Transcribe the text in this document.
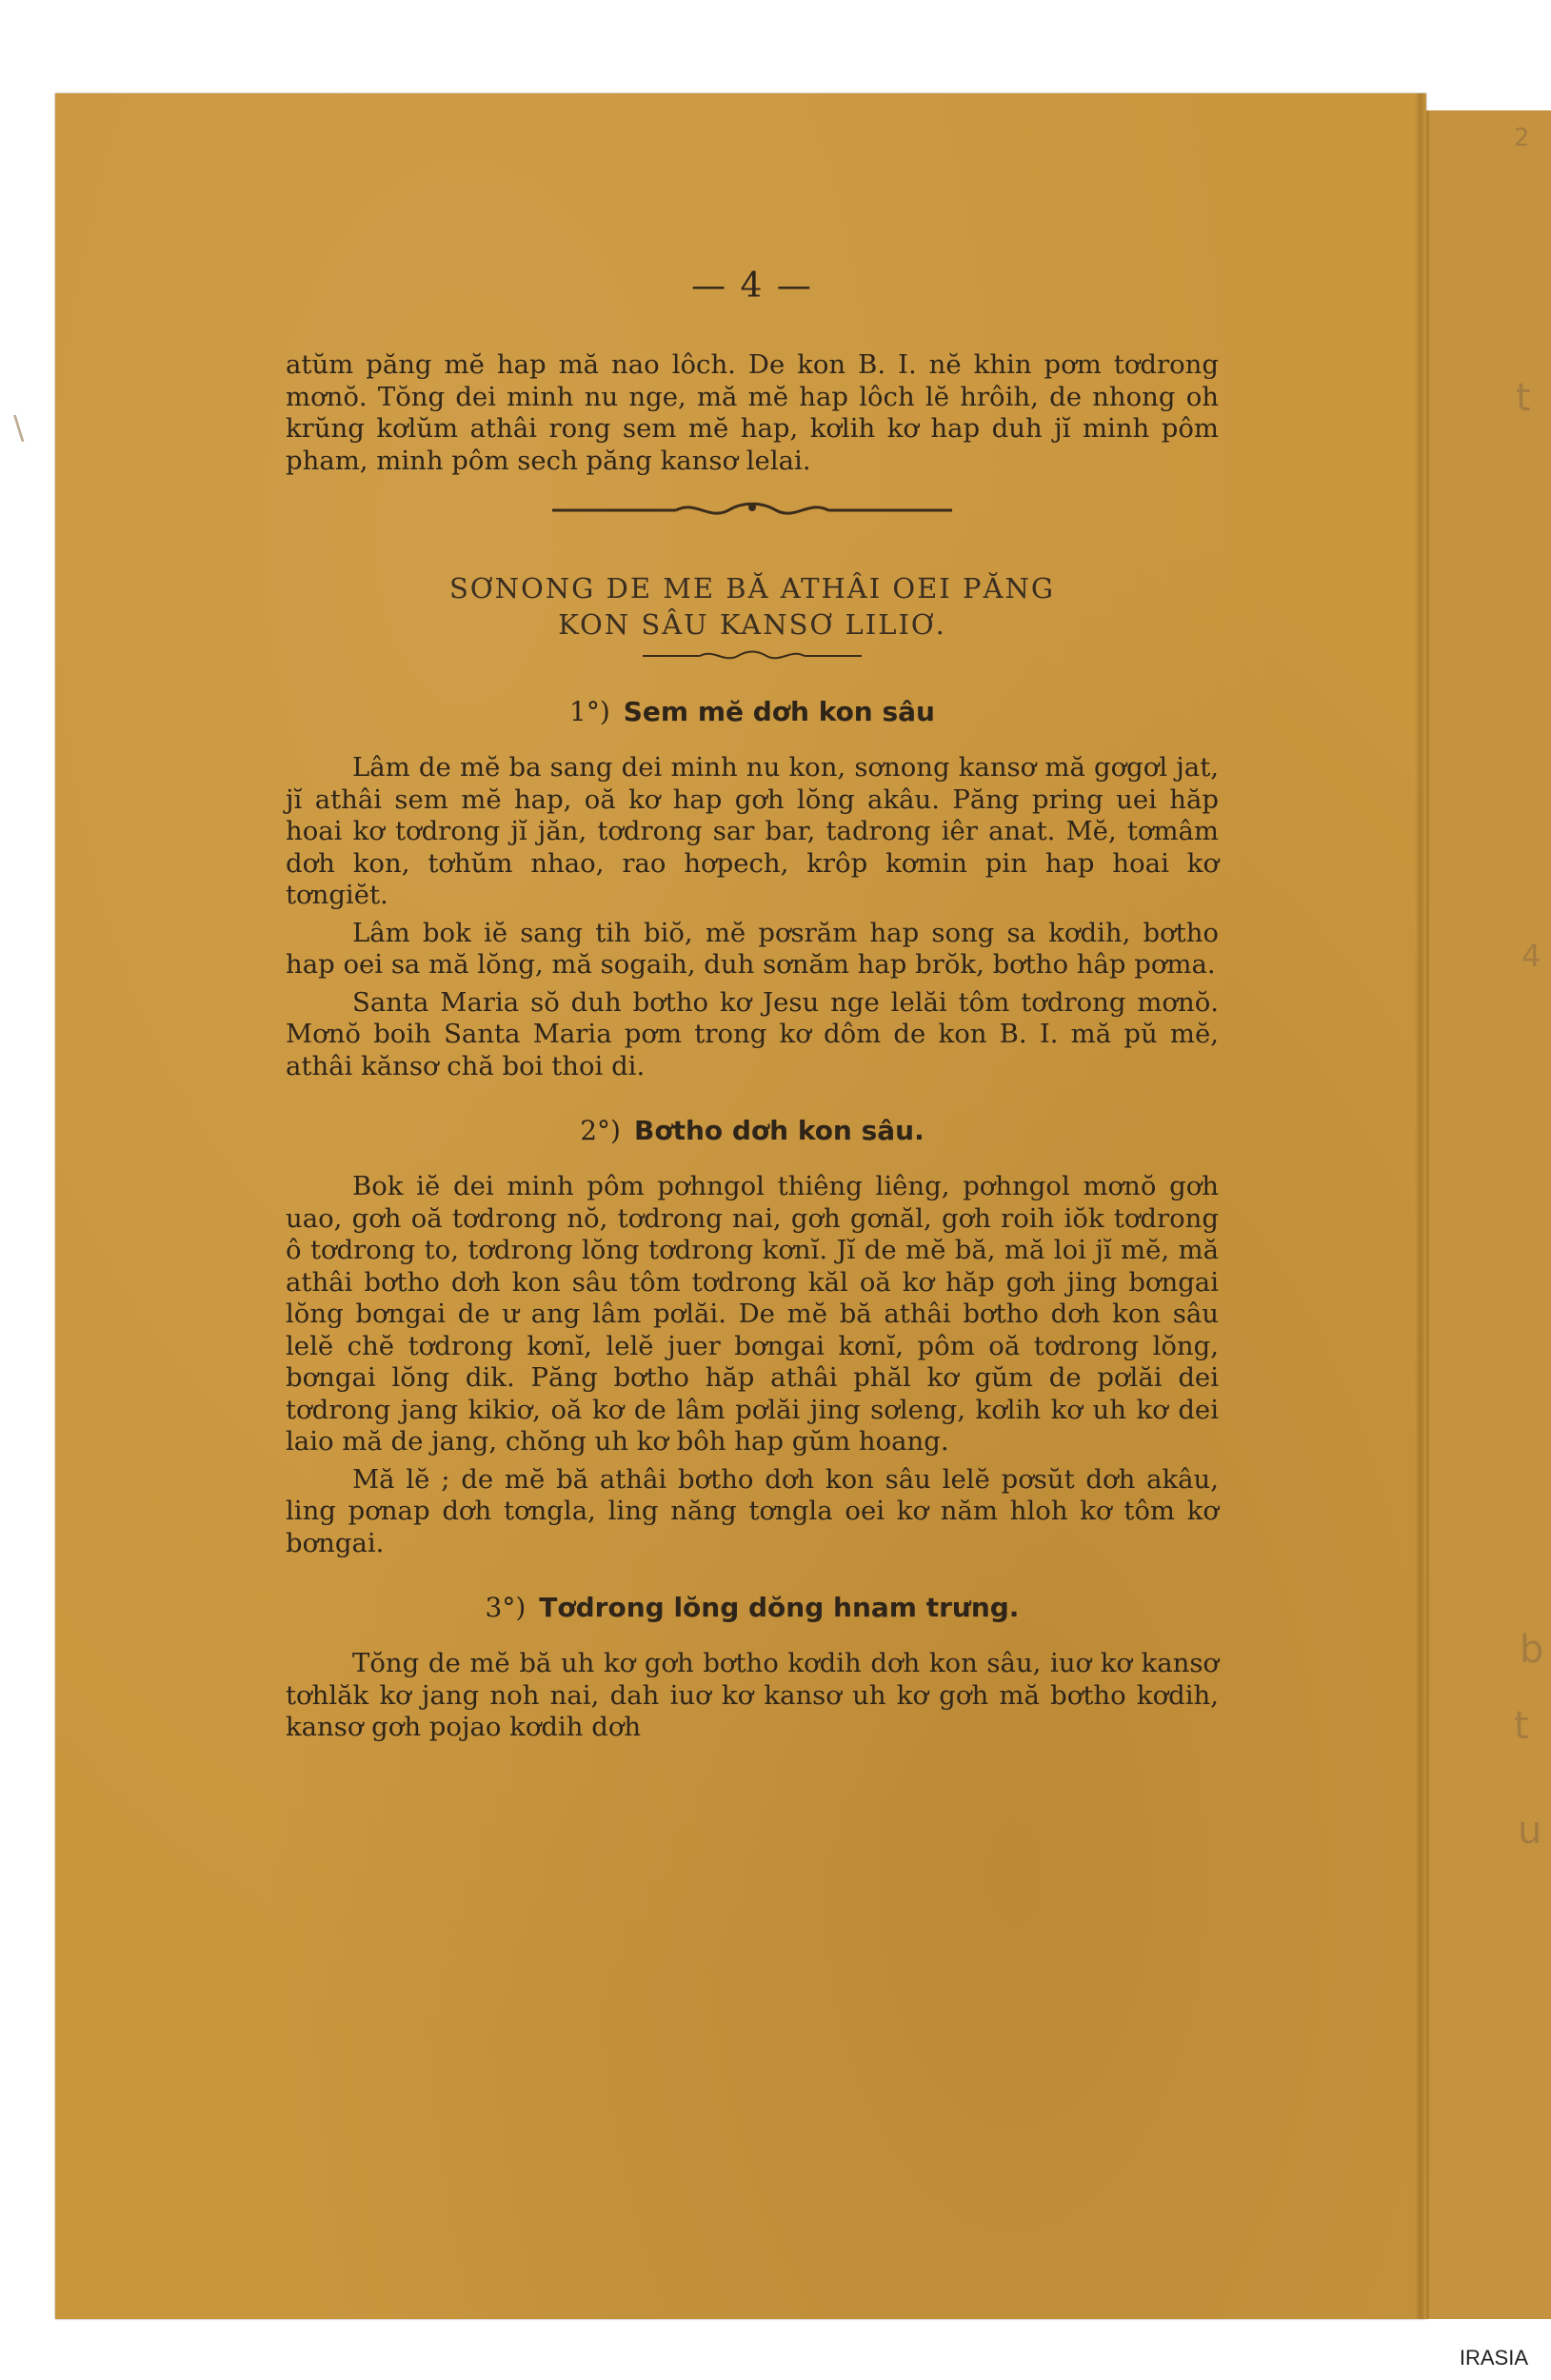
2
t
\
4
b
t
u
— 4 —

atŭm păng mĕ hap mă nao lôch. De kon B. I. nĕ khin pơm tơdrong mơnŏ. Tŏng dei minh nu nge, mă mĕ hap lôch lĕ hrôih, de nhong oh krŭng kơlŭm athâi rong sem mĕ hap, kơlih kơ hap duh jĭ minh pôm pham, minh pôm sech păng kansơ lelai.

SƠNONG DE ME BĂ ATHÂI OEI PĂNG
KON SÂU KANSƠ LILIƠ.
1°) Sem mĕ dơh kon sâu

Lâm de mĕ ba sang dei minh nu kon, sơnong kansơ mă gơgơl jat, jĭ athâi sem mĕ hap, oă kơ hap gơh lŏng akâu. Păng pring uei hăp hoai kơ tơdrong jĭ jăn, tơdrong sar bar, tadrong iêr anat. Mĕ, tơmâm dơh kon, tơhŭm nhao, rao hơpech, krôp kơmin pin hap hoai kơ tơngiĕt.

Lâm bok iĕ sang tih biŏ, mĕ pơsrăm hap song sa kơdih, bơtho hap oei sa mă lŏng, mă sogaih, duh sơnăm hap brŏk, bơtho hâp pơma.

Santa Maria sŏ duh bơtho kơ Jesu nge lelăi tôm tơdrong mơnŏ. Mơnŏ boih Santa Maria pơm trong kơ dôm de kon B. I. mă pŭ mĕ, athâi kănsơ chă boi thoi di.

2°) Bơtho dơh kon sâu.

Bok iĕ dei minh pôm pơhngol thiêng liêng, pơhngol mơnŏ gơh uao, gơh oă tơdrong nŏ, tơdrong nai, gơh gơnăl, gơh roih iŏk tơdrong ô tơdrong to, tơdrong lŏng tơdrong kơnĭ. Jĭ de mĕ bă, mă loi jĭ mĕ, mă athâi bơtho dơh kon sâu tôm tơdrong kăl oă kơ hăp gơh jing bơngai lŏng bơngai de ư ang lâm pơlăi. De mĕ bă athâi bơtho dơh kon sâu lelĕ chĕ tơdrong kơnĭ, lelĕ juer bơngai kơnĭ, pôm oă tơdrong lŏng, bơngai lŏng dik. Păng bơtho hăp athâi phăl kơ gŭm de pơlăi dei tơdrong jang kikiơ, oă kơ de lâm pơlăi jing sơleng, kơlih kơ uh kơ dei laio mă de jang, chŏng uh kơ bôh hap gŭm hoang.

Mă lĕ ; de mĕ bă athâi bơtho dơh kon sâu lelĕ pơsŭt dơh akâu, ling pơnap dơh tơngla, ling năng tơngla oei kơ năm hloh kơ tôm kơ bơngai.

3°) Tơdrong lŏng dŏng hnam trưng.

Tŏng de mĕ bă uh kơ gơh bơtho kơdih dơh kon sâu, iuơ kơ kansơ tơhlăk kơ jang noh nai, dah iuơ kơ kansơ uh kơ gơh mă bơtho kơdih, kansơ gơh pojao kơdih dơh

IRASIA
